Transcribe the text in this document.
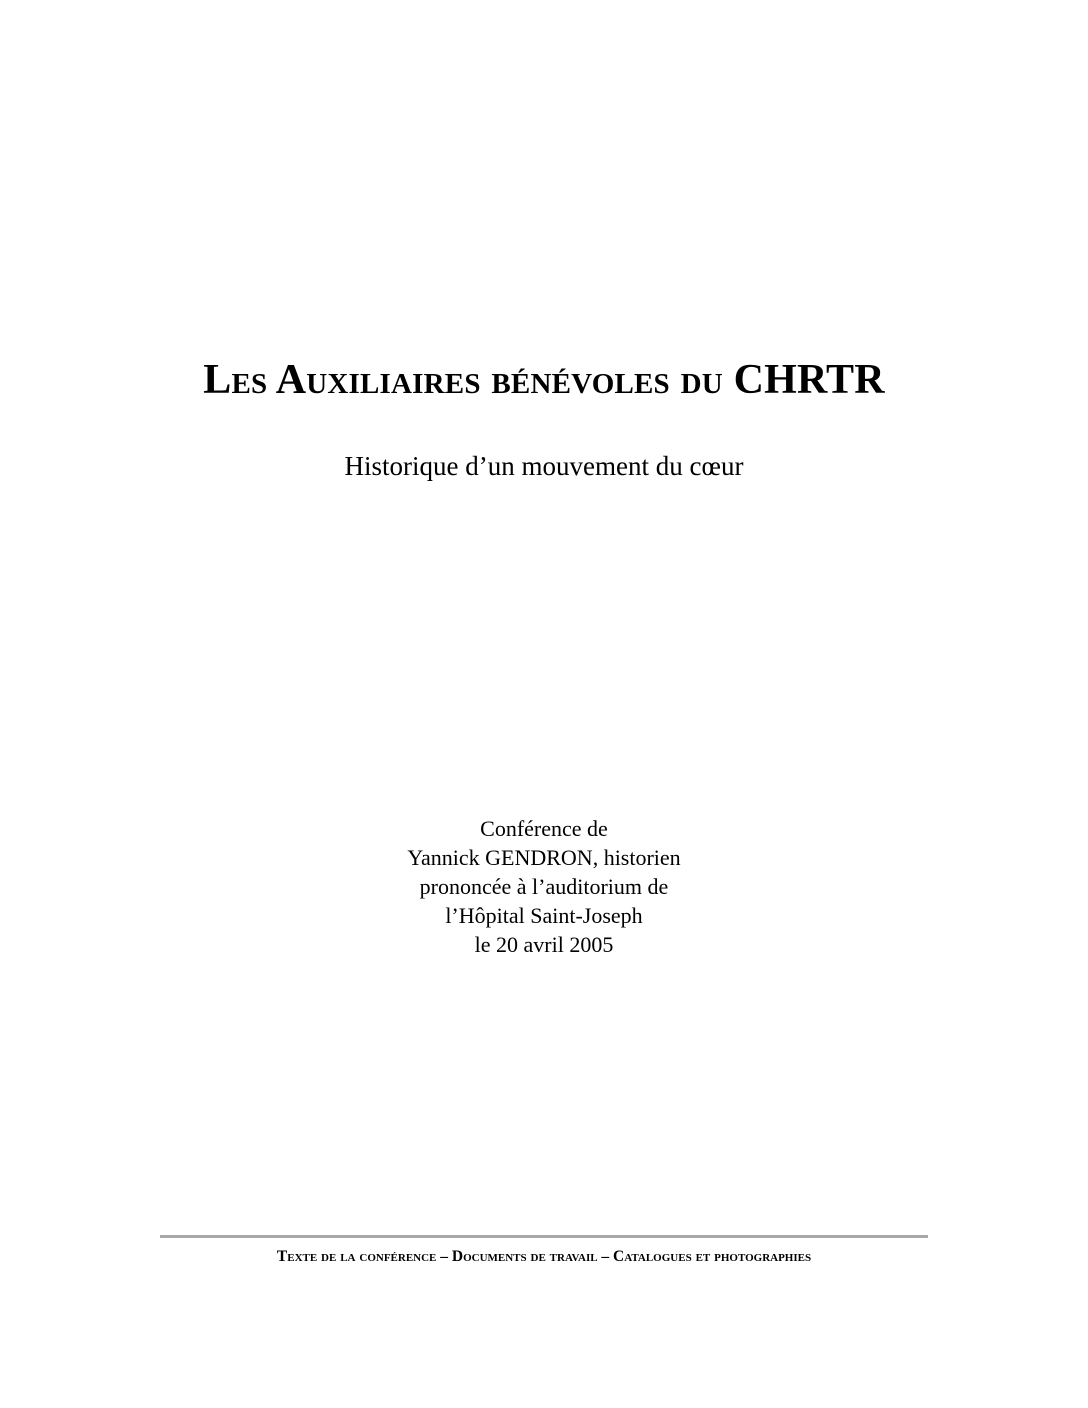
Les Auxiliaires bénévoles du CHRTR
Historique d’un mouvement du cœur
Conférence de
Yannick GENDRON, historien
prononcée à l’auditorium de
l’Hôpital Saint-Joseph
le 20 avril 2005
Texte de la conférence – Documents de travail – Catalogues et photographies
